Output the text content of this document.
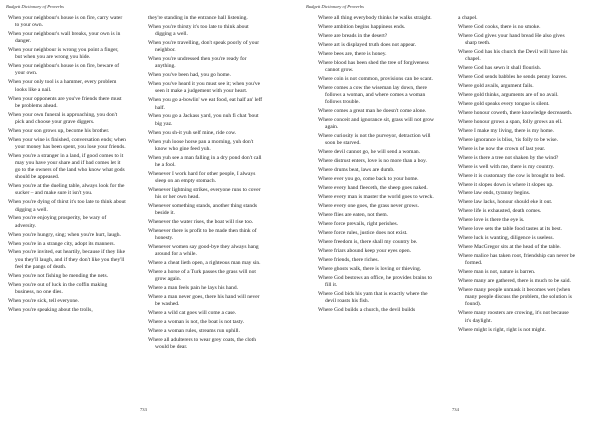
Budgett Dictionary of Proverbs

When your neighbour's house is on fire, carry water to your own.

When your neighbour's wall breaks, your own is in danger.

When your neighbour is wrong you point a finger, but when you are wrong you hide.

When your neighbour's house is on fire, beware of your own.

When your only tool is a hammer, every problem looks like a nail.

When your opponents are you've friends there must be problems ahead.

When your own funeral is approaching, you don't pick and choose your grave diggers.

When your son grows up, become his brother.

When your wine is finished, conversation ends; when your money has been spent, you lose your friends.

When you're a stranger in a land, if good comes to it may you have your share and if bad comes let it go to the owners of the land who know what gods should be appeased.

When you're at the dueling table, always look for the sucker – and make sure it isn't you.

When you're dying of thirst it's too late to think about digging a well.

When you're enjoying prosperity, be wary of adversity.

When you're hungry, sing; when you're hurt, laugh.

When you're in a strange city, adopt its manners.

When you're invited, eat heartily, because if they like you they'll laugh, and if they don't like you they'll feel the pangs of death.

When you're not fishing be mending the nets.

When you're out of luck in the coffin making business, no one dies.

When you're sick, tell everyone.

When you're speaking about the trolls,

they're standing in the entrance hall listening.

When you're thirsty it's too late to think about digging a well.

When you're travelling, don't speak poorly of your neighbor.

When you're undressed then you're ready for anything.

When you've been had, you go home.

When you've heard it you must see it; when you've seen it make a judgement with your heart.

When you go a-bowlin' we eat food, eat half an' leff half.

When you go a Jackass yard, you nuh fi chat 'bout big yaz.

When you sh-it yuh self mine, ride cow.

When yuh loose horse pan a morning, yuh don't know who gine feed yuh.

When yuh see a man falling in a dry pond don't call he a fool.

Whenever I work hard for other people, I always sleep on an empty stomach.

Whenever lightning strikes, everyone runs to cover his or her own head.

Whenever something stands, another thing stands beside it.

Whenever the water rises, the boat will rise too.

Whenever there is profit to be made then think of honesty.

Whenever women say good-bye they always hang around for a while.

Where a cheat lieth open, a righteous man may sin.

Where a horse of a Turk passes the grass will not grow again.

Where a man feels pain he lays his hand.

Where a man never goes, there his hand will never be washed.

Where a wild cat goes will come a case.

Where a woman is not, the boat is not tasty.

Where a woman rules, streams run uphill.

Where all adulterers to wear grey coats, the cloth would be dear.

733
Budgett Dictionary of Proverbs

Where all thing everybody thinks he walks straight.

Where ambition begins happiness ends.

Where are breads in the desert?

Where art is displayed truth does not appear.

Where bees are, there is honey.

Where blood has been shed the tree of forgiveness cannot grow.

Where coin is not common, provisions can be scant.

Where comes a cow the wiseman lay down, there follows a woman, and where comes a woman follows trouble.

Where comes a great man he doesn't come alone.

Where conceit and ignorance sit, grass will not grow again.

Where curiosity is not the purveyor, detraction will soon be starved.

Where devil cannot go, he will send a woman.

Where distrust enters, love is no more than a boy.

Where drums beat, laws are dumb.

Where ever you go, come back to your home.

Where every hand fleeceth, the sheep goes naked.

Where every man is master the world goes to wreck.

Where every one goes, the grass never grows.

Where flies are eaten, not them.

Where force prevails, right perishes.

Where force rules, justice does not exist.

Where freedom is, there shall my country be.

Where friars abound keep your eyes open.

Where friends, there riches.

Where ghosts walk, there is loving or thieving.

Where God bestows an office, he provides brains to fill it.

Where God bids his yam that is exactly where the devil roasts his fish.

Where God builds a church, the devil builds

a chapel.

Where God cooks, there is no smoke.

Where God gives your hand bread He also gives sharp teeth.

Where God has his church the Devil will have his chapel.

Where God has sewn it shall flourish.

Where God sends babbles he sends penny loaves.

Where gold avails, argument fails.

Where gold thinks, arguments are of no avail.

Where gold speaks every tongue is silent.

Where honour coweth, there knowledge decreaseth.

Where honour grows a span, folly grows an ell.

Where I make my living, there is my home.

Where ignorance is bliss, 'tis folly to be wise.

Where is he now the crown of last year.

Where is there a tree not shaken by the wind?

Where is well with me, there is my country.

Where it is customary the cow is brought to bed.

Where it slopes down is where it slopes up.

Where law ends, tyranny begins.

Where law lacks, honour should eke it out.

Where life is exhausted, death comes.

Where love is there the eye is.

Where love sets the table food tastes at its best.

Where luck is wanting, diligence is useless.

Where MacGregor sits at the head of the table.

Where malice has taken root, friendship can never be formed.

Where man is not, nature is barren.

Where many are gathered, there is much to be said.

Where many people unmask it becomes wet (when many people discuss the problem, the solution is found).

Where many roosters are crowing, it's not because it's daylight.

Where might is right, right is not might.

734
